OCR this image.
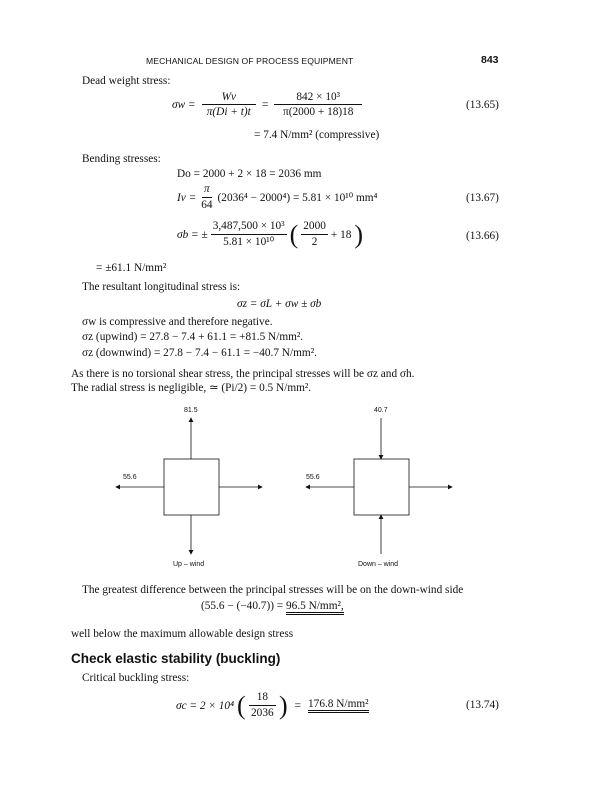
MECHANICAL DESIGN OF PROCESS EQUIPMENT	843
Dead weight stress:
$\sigma w = \frac{Wv}{\pi(Di + t)t} = \frac{\text{842 × 10³}}{\pi(2000 + 18)18}$	(13.65)
= 7.4 N/mm² (compressive)
Bending stresses:
Do = 2000 + 2 × 18 = 2036 mm
$Iv = \frac{\pi}{64} (2036^4 - 2000^4) = 5.81 \times 10^{10}$ mm⁴	(13.67)
σb = ± $\frac{\text{3,487,500 × 10³}}{\text{5.81 × 10¹⁰}}$ ( $\frac{2000}{2} + 18$ )	(13.66)
= ±61.1 N/mm²
The resultant longitudinal stress is:
σz = σL + σw ± σb
σw is compressive and therefore negative.
σz (upwind) = 27.8 − 7.4 + 61.1 = +81.5 N/mm².
σz (downwind) = 27.8 − 7.4 − 61.1 = −40.7 N/mm².
As there is no torsional shear stress, the principal stresses will be σz and σh.
The radial stress is negligible, ≃ (Pi/2) = 0.5 N/mm².
81.5
55.6
Up – wind
40.7
55.6
Down – wind
The greatest difference between the principal stresses will be on the down-wind side
(55.6 − (−40.7)) = 96.5 N/mm²,
well below the maximum allowable design stress
Check elastic stability (buckling)
Critical buckling stress:
σc = 2 × 10⁴ ( $\frac{18}{2036}$ ) = 176.8 N/mm²	(13.74)
